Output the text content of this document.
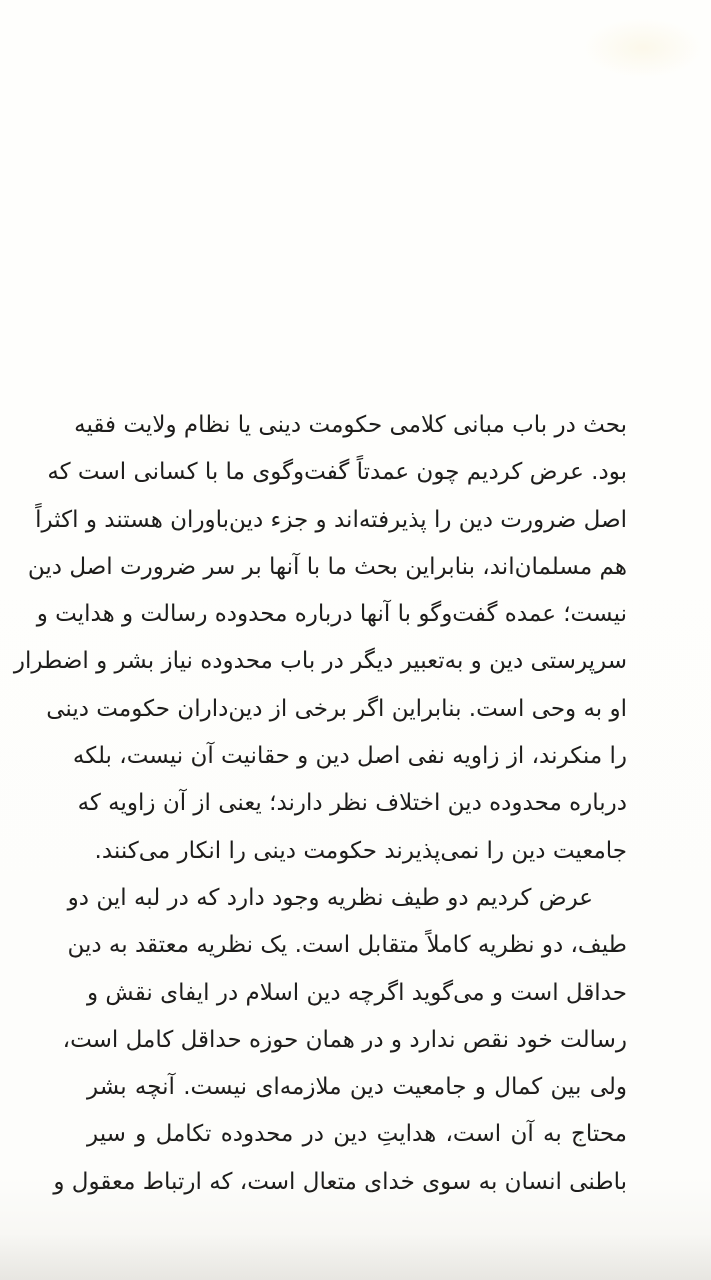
بحث در باب مبانی کلامی حکومت دینی یا نظام ولایت فقیه
بود. عرض کردیم چون عمدتاً گفت‌وگوی ما با کسانی است که
اصل ضرورت دین را پذیرفته‌اند و جزء دین‌باوران هستند و اکثراً
هم مسلمان‌اند، بنابراین بحث ما با آنها بر سر ضرورت اصل دین
نیست؛ عمده گفت‌وگو با آنها درباره محدوده رسالت و هدایت و
سرپرستی دین و به‌تعبیر دیگر در باب محدوده نیاز بشر و اضطرار
او به وحی است. بنابراین اگر برخی از دین‌داران حکومت دینی
را منکرند، از زاویه نفی اصل دین و حقانیت آن نیست، بلکه
درباره محدوده دین اختلاف نظر دارند؛ یعنی از آن زاویه که
جامعیت دین را نمی‌پذیرند حکومت دینی را انکار می‌کنند.
عرض کردیم دو طیف نظریه وجود دارد که در لبه این دو
طیف، دو نظریه کاملاً متقابل است. یک نظریه معتقد به دین
حداقل است و می‌گوید اگرچه دین اسلام در ایفای نقش و
رسالت خود نقص ندارد و در همان حوزه حداقل کامل است،
ولی بین کمال و جامعیت دین ملازمه‌ای نیست. آنچه بشر
محتاج به آن است، هدایتِ دین در محدوده تکامل و سیر
باطنی انسان به سوی خدای متعال است، که ارتباط معقول و
